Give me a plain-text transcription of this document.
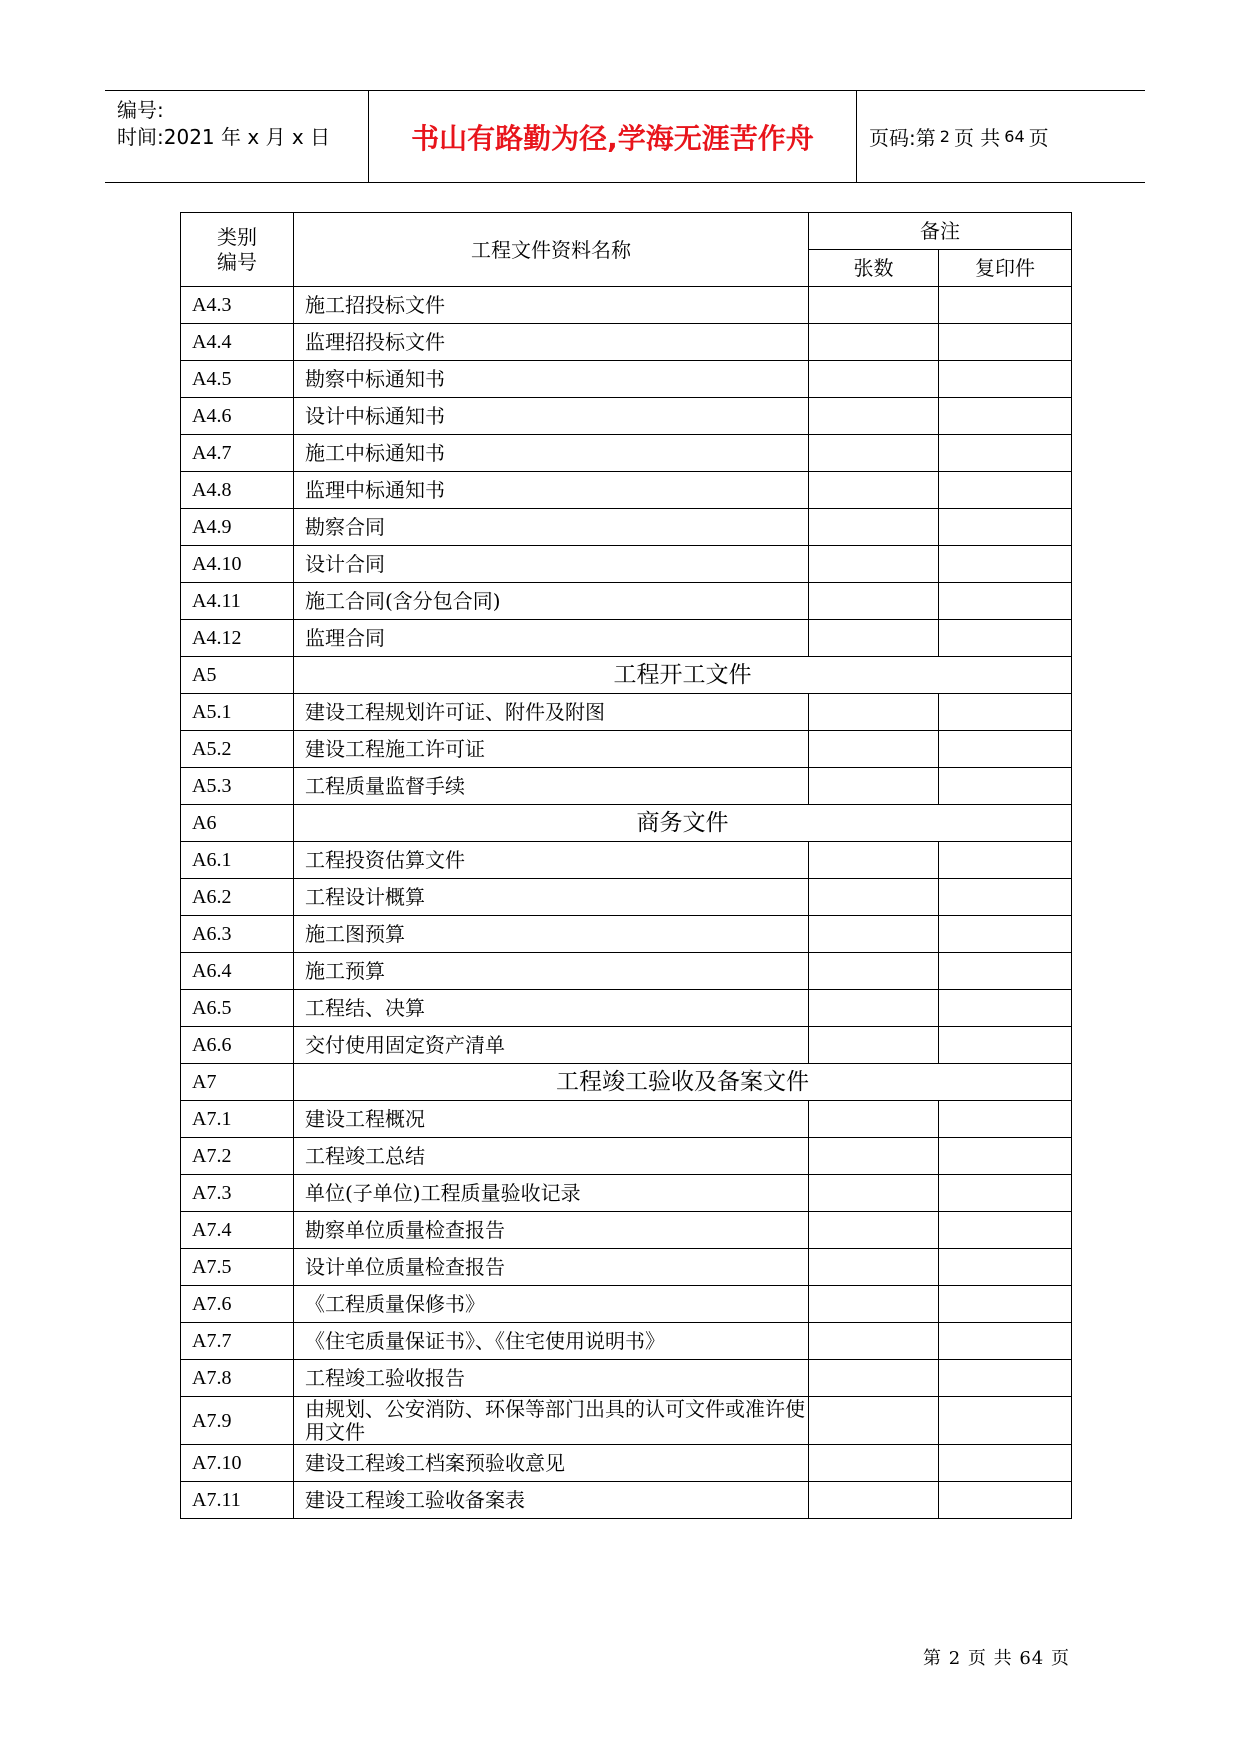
编号:
时间:2021 年 x 月 x 日	书山有路勤为径,学海无涯苦作舟	页码:第 2 页 共 64 页
类别
编号	工程文件资料名称	备注	
		张数	复印件
A4.3	施工招投标文件		
A4.4	监理招投标文件		
A4.5	勘察中标通知书		
A4.6	设计中标通知书		
A4.7	施工中标通知书		
A4.8	监理中标通知书		
A4.9	勘察合同		
A4.10	设计合同		
A4.11	施工合同(含分包合同)		
A4.12	监理合同		
A5	工程开工文件		
A5.1	建设工程规划许可证、附件及附图		
A5.2	建设工程施工许可证		
A5.3	工程质量监督手续		
A6	商务文件		
A6.1	工程投资估算文件		
A6.2	工程设计概算		
A6.3	施工图预算		
A6.4	施工预算		
A6.5	工程结、决算		
A6.6	交付使用固定资产清单		
A7	工程竣工验收及备案文件		
A7.1	建设工程概况		
A7.2	工程竣工总结		
A7.3	单位(子单位)工程质量验收记录		
A7.4	勘察单位质量检查报告		
A7.5	设计单位质量检查报告		
A7.6	《工程质量保修书》		
A7.7	《住宅质量保证书》、《住宅使用说明书》		
A7.8	工程竣工验收报告		
A7.9	由规划、公安消防、环保等部门出具的认可文件或准许使用文件		
A7.10	建设工程竣工档案预验收意见		
A7.11	建设工程竣工验收备案表		
第 2 页 共 64 页
